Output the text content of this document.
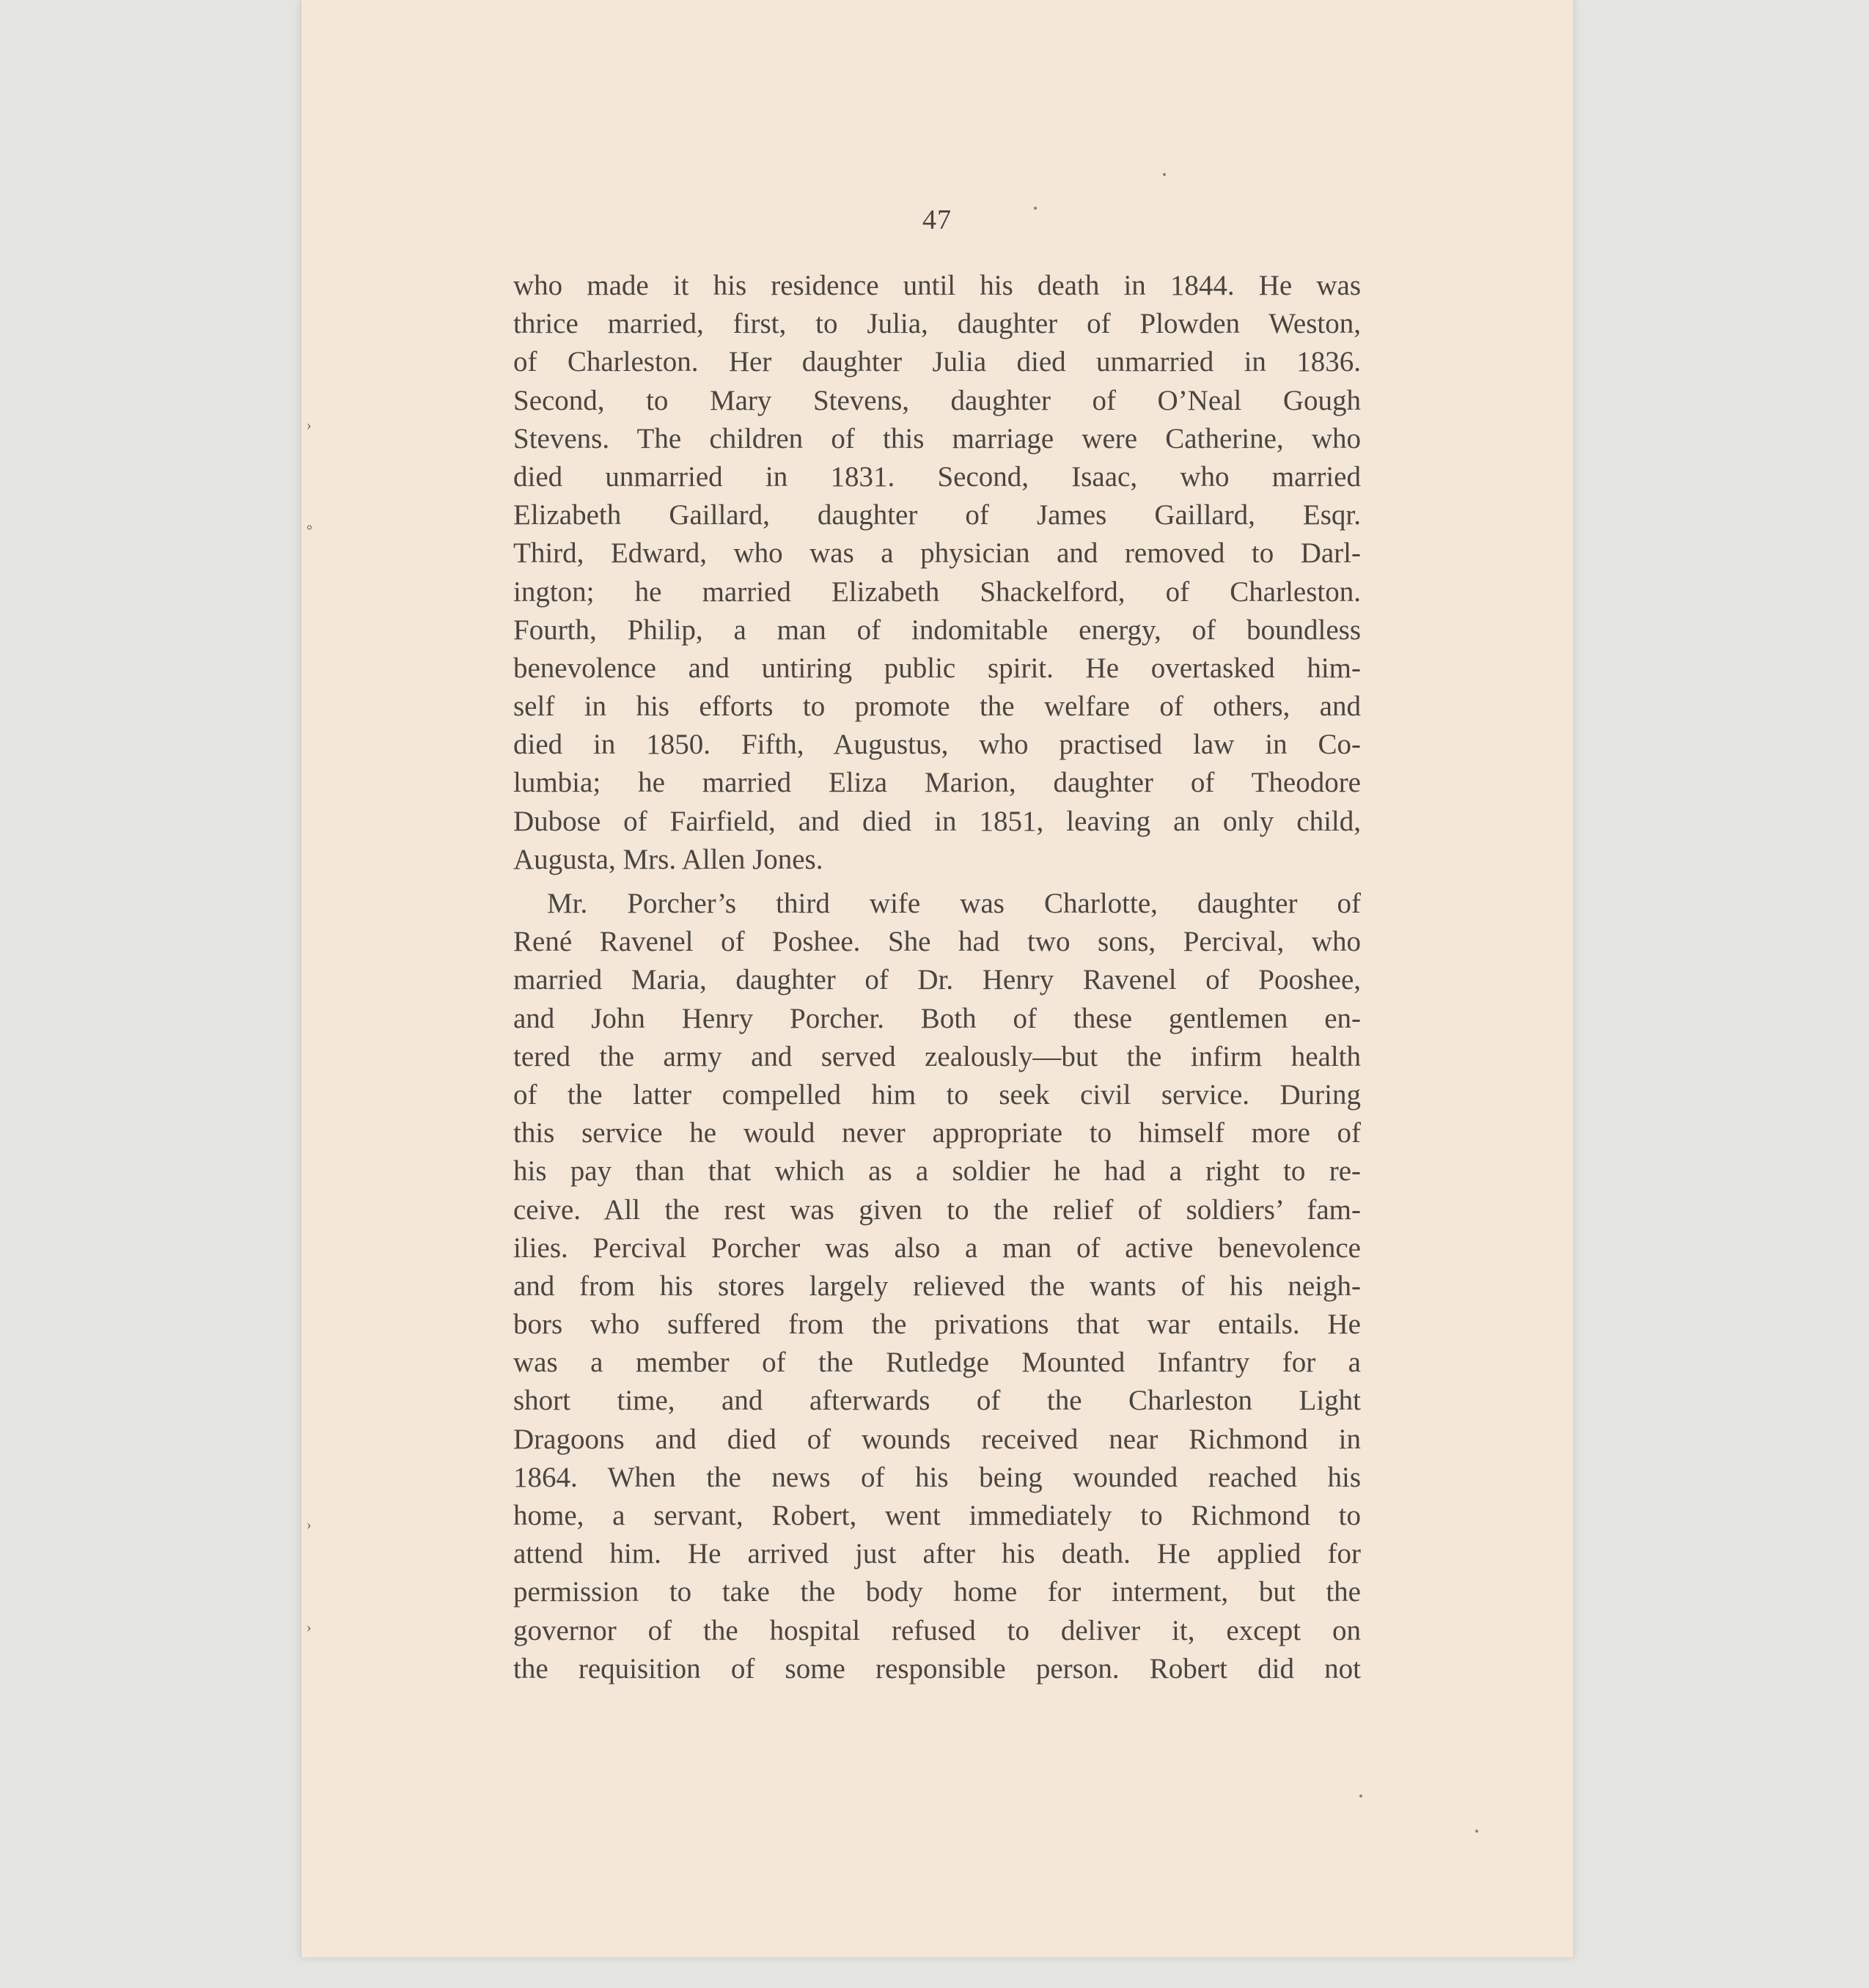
47
who made it his residence until his death in 1844. He was
thrice married, first, to Julia, daughter of Plowden Weston,
of Charleston. Her daughter Julia died unmarried in 1836.
Second, to Mary Stevens, daughter of O’Neal Gough
Stevens. The children of this marriage were Catherine, who
died unmarried in 1831. Second, Isaac, who married
Elizabeth Gaillard, daughter of James Gaillard, Esqr.
Third, Edward, who was a physician and removed to Darl-
ington; he married Elizabeth Shackelford, of Charleston.
Fourth, Philip, a man of indomitable energy, of boundless
benevolence and untiring public spirit. He overtasked him-
self in his efforts to promote the welfare of others, and
died in 1850. Fifth, Augustus, who practised law in Co-
lumbia; he married Eliza Marion, daughter of Theodore
Dubose of Fairfield, and died in 1851, leaving an only child,
Augusta, Mrs. Allen Jones.
Mr. Porcher’s third wife was Charlotte, daughter of
René Ravenel of Poshee. She had two sons, Percival, who
married Maria, daughter of Dr. Henry Ravenel of Pooshee,
and John Henry Porcher. Both of these gentlemen en-
tered the army and served zealously—but the infirm health
of the latter compelled him to seek civil service. During
this service he would never appropriate to himself more of
his pay than that which as a soldier he had a right to re-
ceive. All the rest was given to the relief of soldiers’ fam-
ilies. Percival Porcher was also a man of active benevolence
and from his stores largely relieved the wants of his neigh-
bors who suffered from the privations that war entails. He
was a member of the Rutledge Mounted Infantry for a
short time, and afterwards of the Charleston Light
Dragoons and died of wounds received near Richmond in
1864. When the news of his being wounded reached his
home, a servant, Robert, went immediately to Richmond to
attend him. He arrived just after his death. He applied for
permission to take the body home for interment, but the
governor of the hospital refused to deliver it, except on
the requisition of some responsible person. Robert did not
›
°
›
›
